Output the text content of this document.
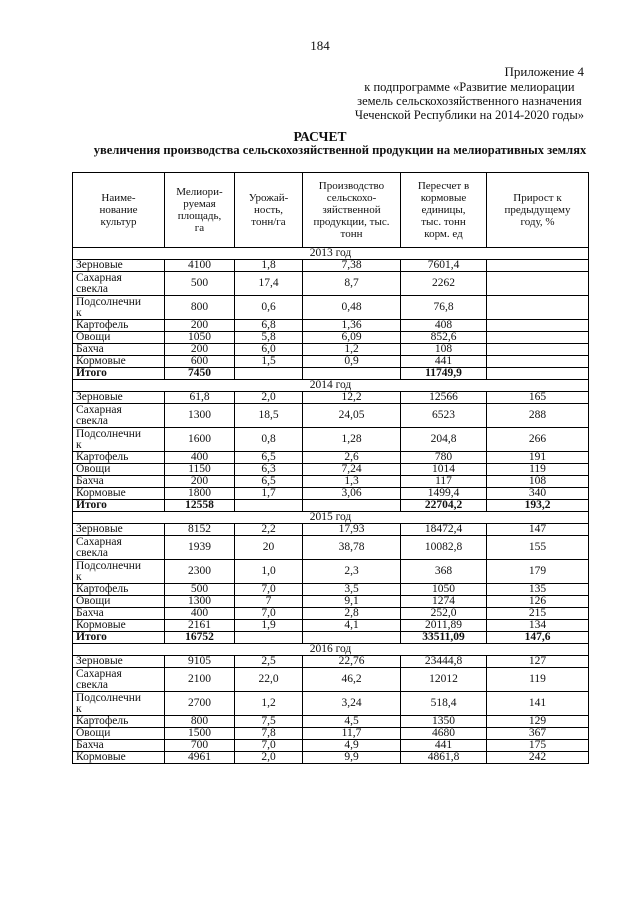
184
Приложение 4
к подпрограмме «Развитие мелиорации
земель сельскохозяйственного назначения
Чеченской Республики на 2014-2020 годы»
РАСЧЕТ
увеличения производства сельскохозяйственной продукции на мелиоративных землях
Наиме-
нование
культур	Мелиори-
руемая
площадь,
га	Урожай-
ность,
тонн/га	Производство
сельскохо-
зяйственной
продукции, тыс.
тонн	Пересчет в
кормовые
единицы,
тыс. тонн
корм. ед	Прирост к
предыдущему
году, %
2013 год					
Зерновые	4100	1,8	7,38	7601,4	
Сахарная
свекла	500	17,4	8,7	2262	
Подсолнечни
к	800	0,6	0,48	76,8	
Картофель	200	6,8	1,36	408	
Овощи	1050	5,8	6,09	852,6	
Бахча	200	6,0	1,2	108	
Кормовые	600	1,5	0,9	441	
Итого	7450			11749,9	
2014 год					
Зерновые	61,8	2,0	12,2	12566	165
Сахарная
свекла	1300	18,5	24,05	6523	288
Подсолнечни
к	1600	0,8	1,28	204,8	266
Картофель	400	6,5	2,6	780	191
Овощи	1150	6,3	7,24	1014	119
Бахча	200	6,5	1,3	117	108
Кормовые	1800	1,7	3,06	1499,4	340
Итого	12558			22704,2	193,2
2015 год					
Зерновые	8152	2,2	17,93	18472,4	147
Сахарная
свекла	1939	20	38,78	10082,8	155
Подсолнечни
к	2300	1,0	2,3	368	179
Картофель	500	7,0	3,5	1050	135
Овощи	1300	7	9,1	1274	126
Бахча	400	7,0	2,8	252,0	215
Кормовые	2161	1,9	4,1	2011,89	134
Итого	16752			33511,09	147,6
2016 год					
Зерновые	9105	2,5	22,76	23444,8	127
Сахарная
свекла	2100	22,0	46,2	12012	119
Подсолнечни
к	2700	1,2	3,24	518,4	141
Картофель	800	7,5	4,5	1350	129
Овощи	1500	7,8	11,7	4680	367
Бахча	700	7,0	4,9	441	175
Кормовые	4961	2,0	9,9	4861,8	242
